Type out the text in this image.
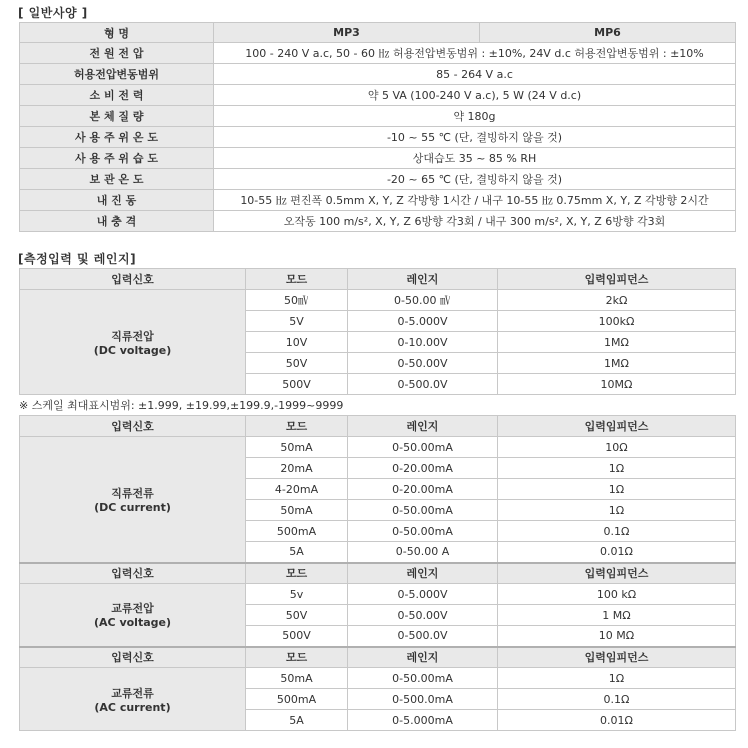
[ 일반사양 ]
형 명	MP3	MP6
전 원 전 압	100 - 240 V a.c, 50 - 60 ㎐ 허용전압변동범위 : ±10%, 24V d.c 허용전압변동범위 : ±10%	
허용전압변동범위	85 - 264 V a.c	
소 비 전 력	약 5 VA (100-240 V a.c), 5 W (24 V d.c)	
본 체 질 량	약 180g	
사 용 주 위 온 도	-10 ~ 55 ℃ (단, 결빙하지 않을 것)	
사 용 주 위 습 도	상대습도 35 ~ 85 % RH	
보 관 온 도	-20 ~ 65 ℃ (단, 결빙하지 않을 것)	
내 진 동	10-55 ㎐ 편진폭 0.5mm X, Y, Z 각방향 1시간 / 내구 10-55 ㎐ 0.75mm X, Y, Z 각방향 2시간	
내 충 격	오작동 100 m/s², X, Y, Z 6방향 각3회 / 내구 300 m/s², X, Y, Z 6방향 각3회	
[측정입력 및 레인지]
입력신호	모드	레인지	입력임피던스

직류전압
(DC voltage)	50㎷	0-50.00 ㎷	2kΩ
	5V	0-5.000V	100kΩ
	10V	0-10.00V	1MΩ
	50V	0-50.00V	1MΩ
	500V	0-500.0V	10MΩ
※ 스케일 최대표시범위: ±1.999, ±19.99,±199.9,-1999~9999
입력신호	모드	레인지	입력임피던스

직류전류
(DC current)	50mA	0-50.00mA	10Ω
	20mA	0-20.00mA	1Ω
	4-20mA	0-20.00mA	1Ω
	50mA	0-50.00mA	1Ω
	500mA	0-50.00mA	0.1Ω
	5A	0-50.00 A	0.01Ω
입력신호	모드	레인지	입력임피던스

교류전압
(AC voltage)	5v	0-5.000V	100 kΩ
	50V	0-50.00V	1 MΩ
	500V	0-500.0V	10 MΩ
입력신호	모드	레인지	입력임피던스

교류전류
(AC current)	50mA	0-50.00mA	1Ω
	500mA	0-500.0mA	0.1Ω
	5A	0-5.000mA	0.01Ω
